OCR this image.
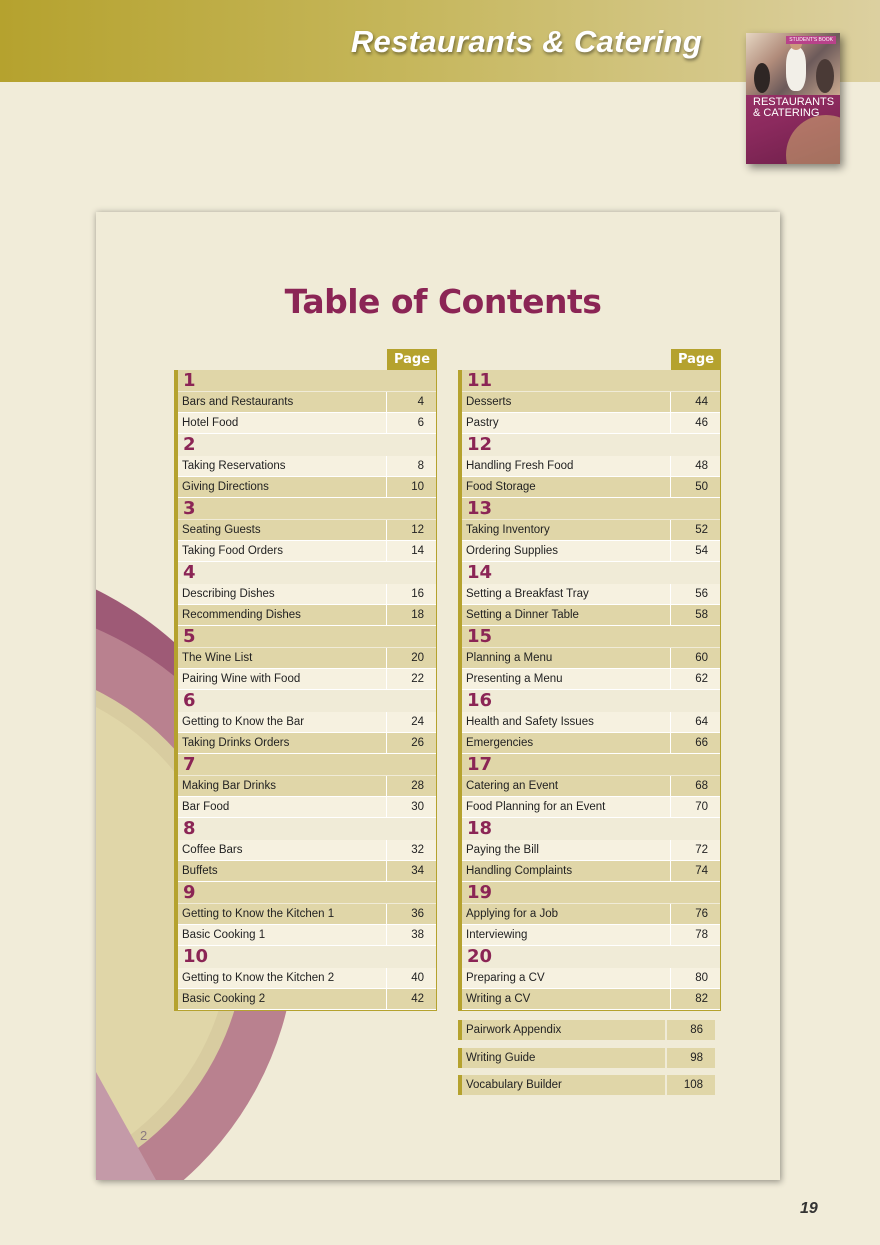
Restaurants & Catering	STUDENT'S BOOK
RESTAURANTS
& CATERING
Table of Contents
Page
1
Bars and Restaurants	4
Hotel Food	6
2
Taking Reservations	8
Giving Directions	10
3
Seating Guests	12
Taking Food Orders	14
4
Describing Dishes	16
Recommending Dishes	18
5
The Wine List	20
Pairing Wine with Food	22
6
Getting to Know the Bar	24
Taking Drinks Orders	26
7
Making Bar Drinks	28
Bar Food	30
8
Coffee Bars	32
Buffets	34
9
Getting to Know the Kitchen 1	36
Basic Cooking 1	38
10
Getting to Know the Kitchen 2	40
Basic Cooking 2	42
Page
11
Desserts	44
Pastry	46
12
Handling Fresh Food	48
Food Storage	50
13
Taking Inventory	52
Ordering Supplies	54
14
Setting a Breakfast Tray	56
Setting a Dinner Table	58
15
Planning a Menu	60
Presenting a Menu	62
16
Health and Safety Issues	64
Emergencies	66
17
Catering an Event	68
Food Planning for an Event	70
18
Paying the Bill	72
Handling Complaints	74
19
Applying for a Job	76
Interviewing	78
20
Preparing a CV	80
Writing a CV	82
Pairwork Appendix	86
Writing Guide	98
Vocabulary Builder	108
2
19
